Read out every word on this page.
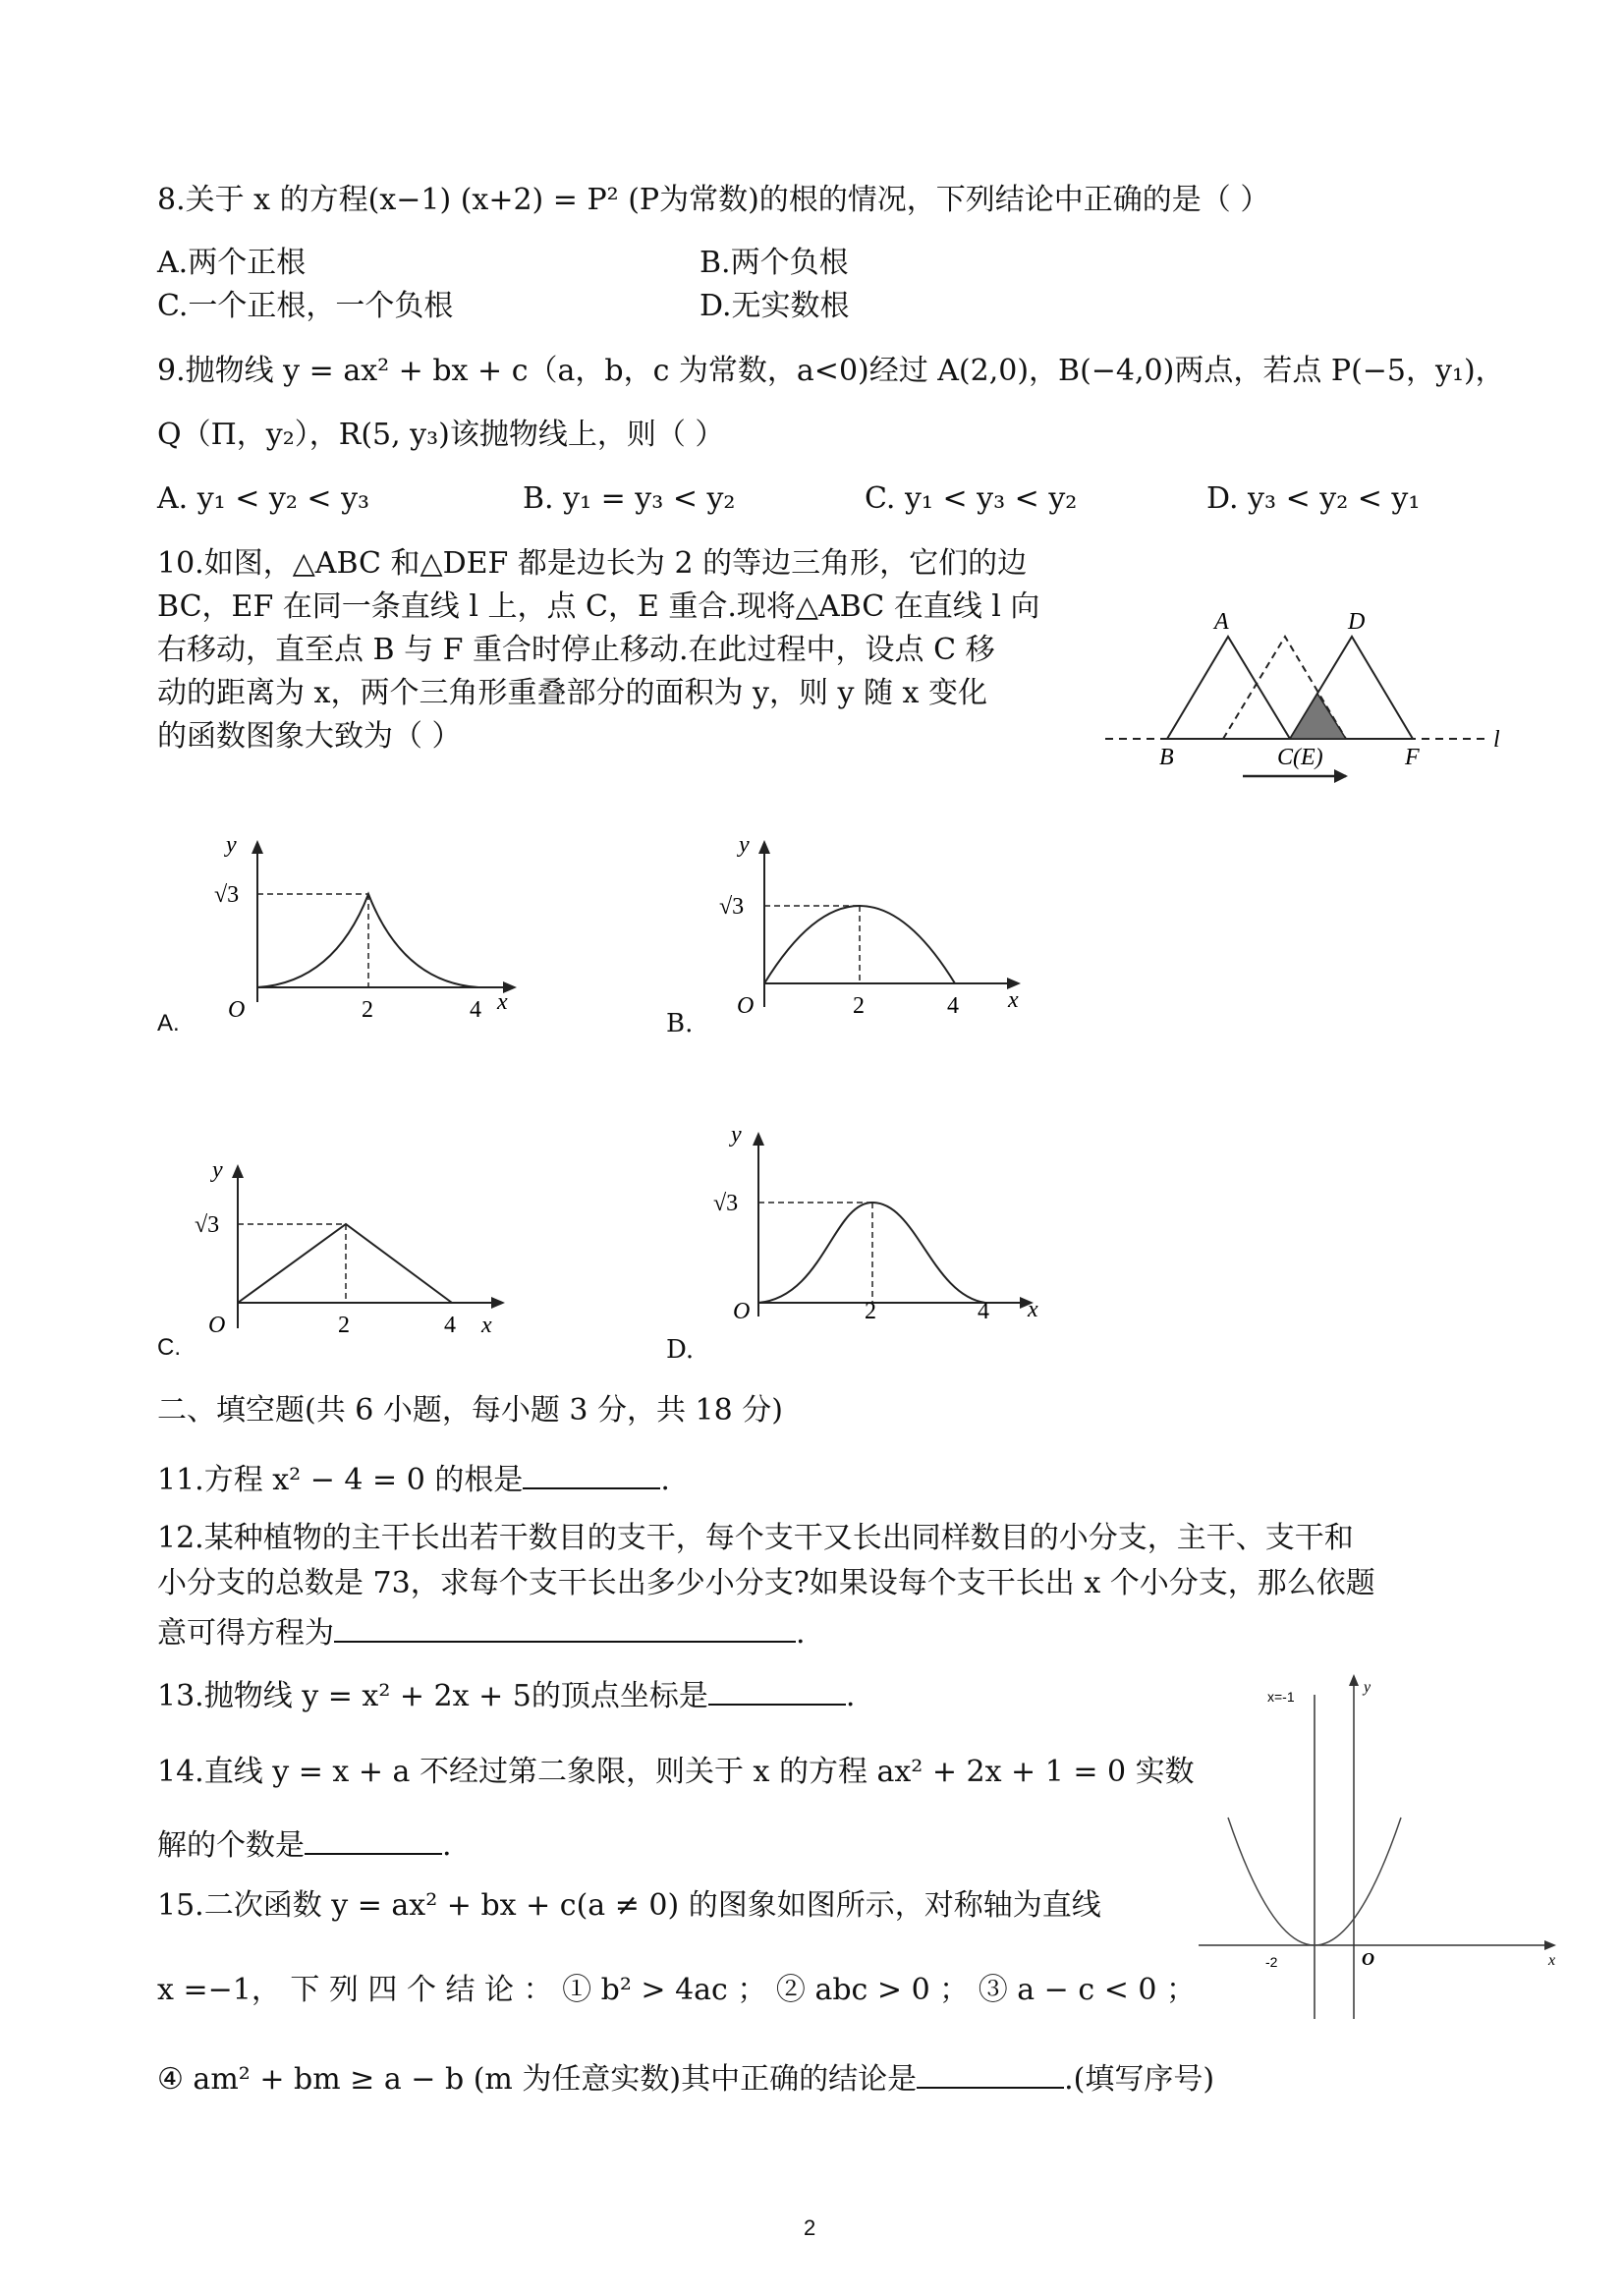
8.关于 x 的方程(x−1) (x+2) = P² (P为常数)的根的情况，下列结论中正确的是（ ）
A.两个正根	B.两个负根
C.一个正根，一个负根	D.无实数根
9.抛物线 y = ax² + bx + c（a，b，c 为常数，a<0)经过 A(2,0)，B(−4,0)两点，若点 P(−5，y₁)，
Q（Π，y₂），R(5, y₃)该抛物线上，则（ ）
A. y₁ < y₂ < y₃	B. y₁ = y₃ < y₂	C. y₁ < y₃ < y₂	D. y₃ < y₂ < y₁
10.如图，△ABC 和△DEF 都是边长为 2 的等边三角形，它们的边
BC，EF 在同一条直线 l 上，点 C，E 重合.现将△ABC 在直线 l 向
右移动，直至点 B 与 F 重合时停止移动.在此过程中，设点 C 移
动的距离为 x，两个三角形重叠部分的面积为 y，则 y 随 x 变化
的函数图象大致为（ ）
A	D
B	C(E)	F
l
y
√3
O	2	4 x
A.
y
√3
O	2	4 x
B.
y
√3
O	2	4 x
C.
y
√3
O	2	4 x
D.
二、填空题(共 6 小题，每小题 3 分，共 18 分)
11.方程 x² − 4 = 0 的根是	.
12.某种植物的主干长出若干数目的支干，每个支干又长出同样数目的小分支，主干、支干和
小分支的总数是 73，求每个支干长出多少小分支?如果设每个支干长出 x 个小分支，那么依题
意可得方程为	.
13.抛物线 y = x² + 2x + 5的顶点坐标是	.
14.直线 y = x + a 不经过第二象限，则关于 x 的方程 ax² + 2x + 1 = 0 实数
解的个数是	.
15.二次函数 y = ax² + bx + c(a ≠ 0) 的图象如图所示，对称轴为直线
x =−1， 下 列 四 个 结 论 ： ① b² > 4ac ； ② abc > 0 ； ③ a − c < 0 ；
④ am² + bm ≥ a − b (m 为任意实数)其中正确的结论是	.(填写序号)
x=-1
y
O
-2	x
2
